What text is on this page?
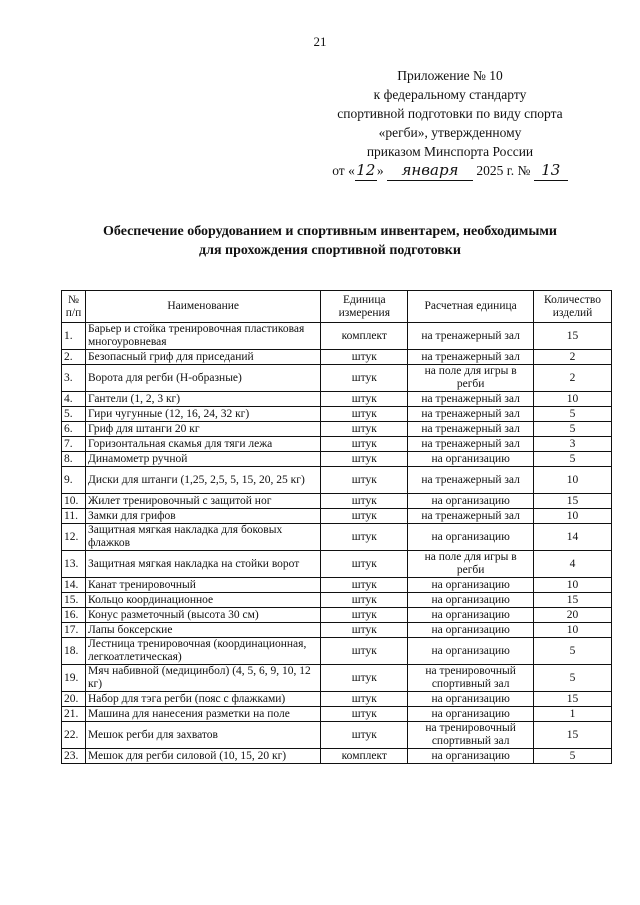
21
Приложение № 10
к федеральному стандарту
спортивной подготовки по виду спорта
«регби», утвержденному
приказом Минспорта России
от «12» января 2025 г. № 13
Обеспечение оборудованием и спортивным инвентарем, необходимыми
для прохождения спортивной подготовки
№ п/п	Наименование	Единица измерения	Расчетная единица	Количество изделий
1.	Барьер и стойка тренировочная пластиковая многоуровневая	комплект	на тренажерный зал	15
2.	Безопасный гриф для приседаний	штук	на тренажерный зал	2
3.	Ворота для регби (Н-образные)	штук	на поле для игры в регби	2
4.	Гантели (1, 2, 3 кг)	штук	на тренажерный зал	10
5.	Гири чугунные (12, 16, 24, 32 кг)	штук	на тренажерный зал	5
6.	Гриф для штанги 20 кг	штук	на тренажерный зал	5
7.	Горизонтальная скамья для тяги лежа	штук	на тренажерный зал	3
8.	Динамометр ручной	штук	на организацию	5
9.	Диски для штанги (1,25, 2,5, 5, 15, 20, 25 кг)	штук	на тренажерный зал	10
10.	Жилет тренировочный с защитой ног	штук	на организацию	15
11.	Замки для грифов	штук	на тренажерный зал	10
12.	Защитная мягкая накладка для боковых флажков	штук	на организацию	14
13.	Защитная мягкая накладка на стойки ворот	штук	на поле для игры в регби	4
14.	Канат тренировочный	штук	на организацию	10
15.	Кольцо координационное	штук	на организацию	15
16.	Конус разметочный (высота 30 см)	штук	на организацию	20
17.	Лапы боксерские	штук	на организацию	10
18.	Лестница тренировочная (координационная, легкоатлетическая)	штук	на организацию	5
19.	Мяч набивной (медицинбол) (4, 5, 6, 9, 10, 12 кг)	штук	на тренировочный спортивный зал	5
20.	Набор для тэга регби (пояс с флажками)	штук	на организацию	15
21.	Машина для нанесения разметки на поле	штук	на организацию	1
22.	Мешок регби для захватов	штук	на тренировочный спортивный зал	15
23.	Мешок для регби силовой (10, 15, 20 кг)	комплект	на организацию	5
